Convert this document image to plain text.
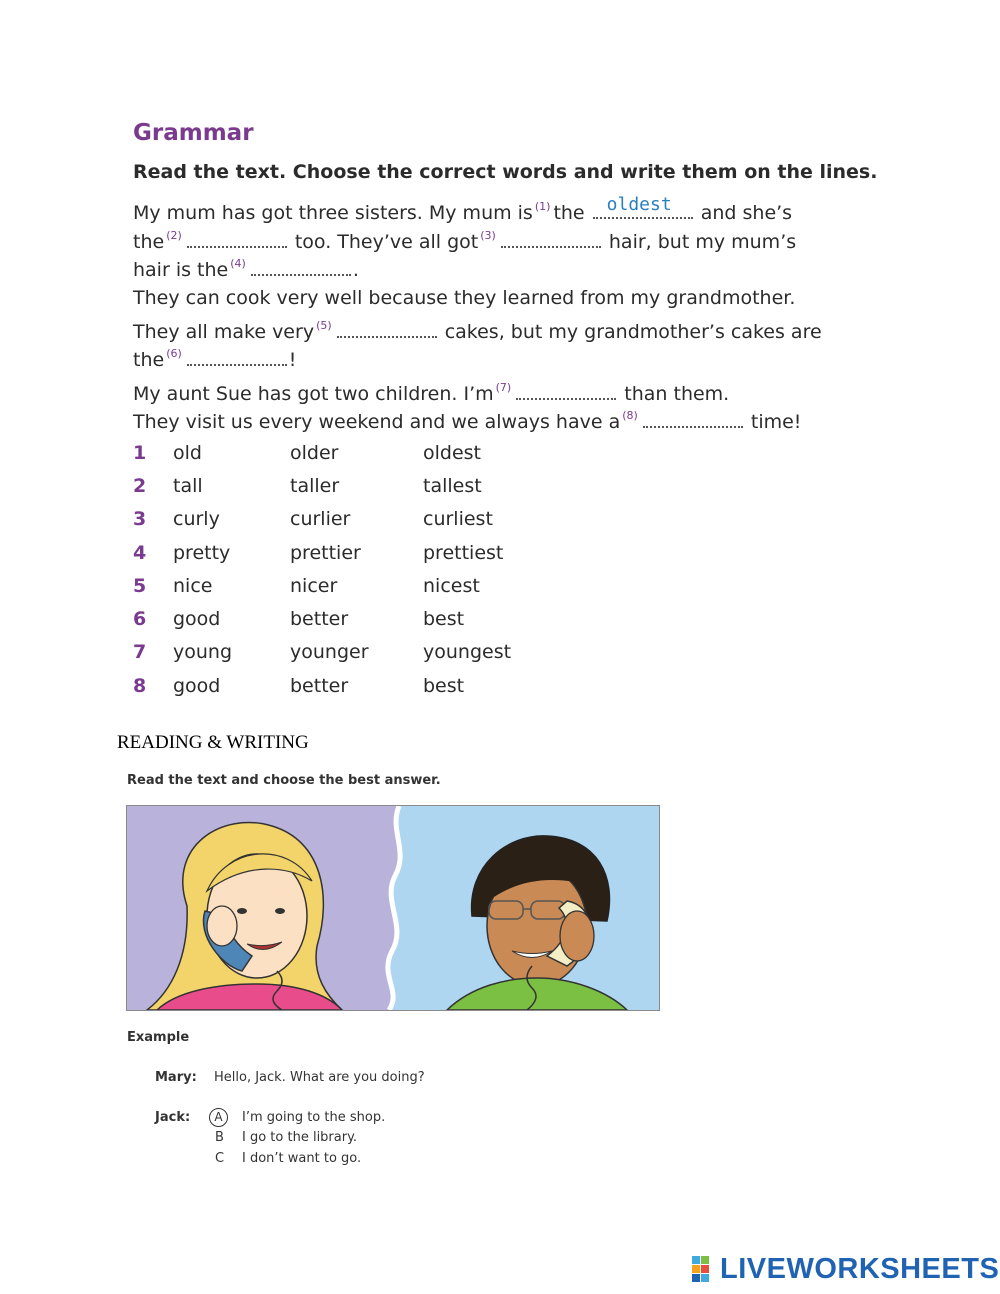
Grammar
Read the text. Choose the correct words and write them on the lines.
My mum has got three sisters. My mum is $^{(1)}$ the oldest and she’s
the $^{(2)}$	too. They’ve all got $^{(3)}$	hair, but my mum’s
hair is the $^{(4)}$	.
They can cook very well because they learned from my grandmother.
They all make very $^{(5)}$	cakes, but my grandmother’s cakes are
the $^{(6)}$	!
My aunt Sue has got two children. I’m $^{(7)}$	than them.
They visit us every weekend and we always have a $^{(8)}$	time!
1	old	older	oldest
2	tall	taller	tallest
3	curly	curlier	curliest
4	pretty	prettier	prettiest
5	nice	nicer	nicest
6	good	better	best
7	young	younger	youngest
8	good	better	best
READING & WRITING
Read the text and choose the best answer.
Example
Mary: Hello, Jack. What are you doing?
Jack:	A	I’m going to the shop.
B I go to the library.
C I don’t want to go.
LIVEWORKSHEETS
